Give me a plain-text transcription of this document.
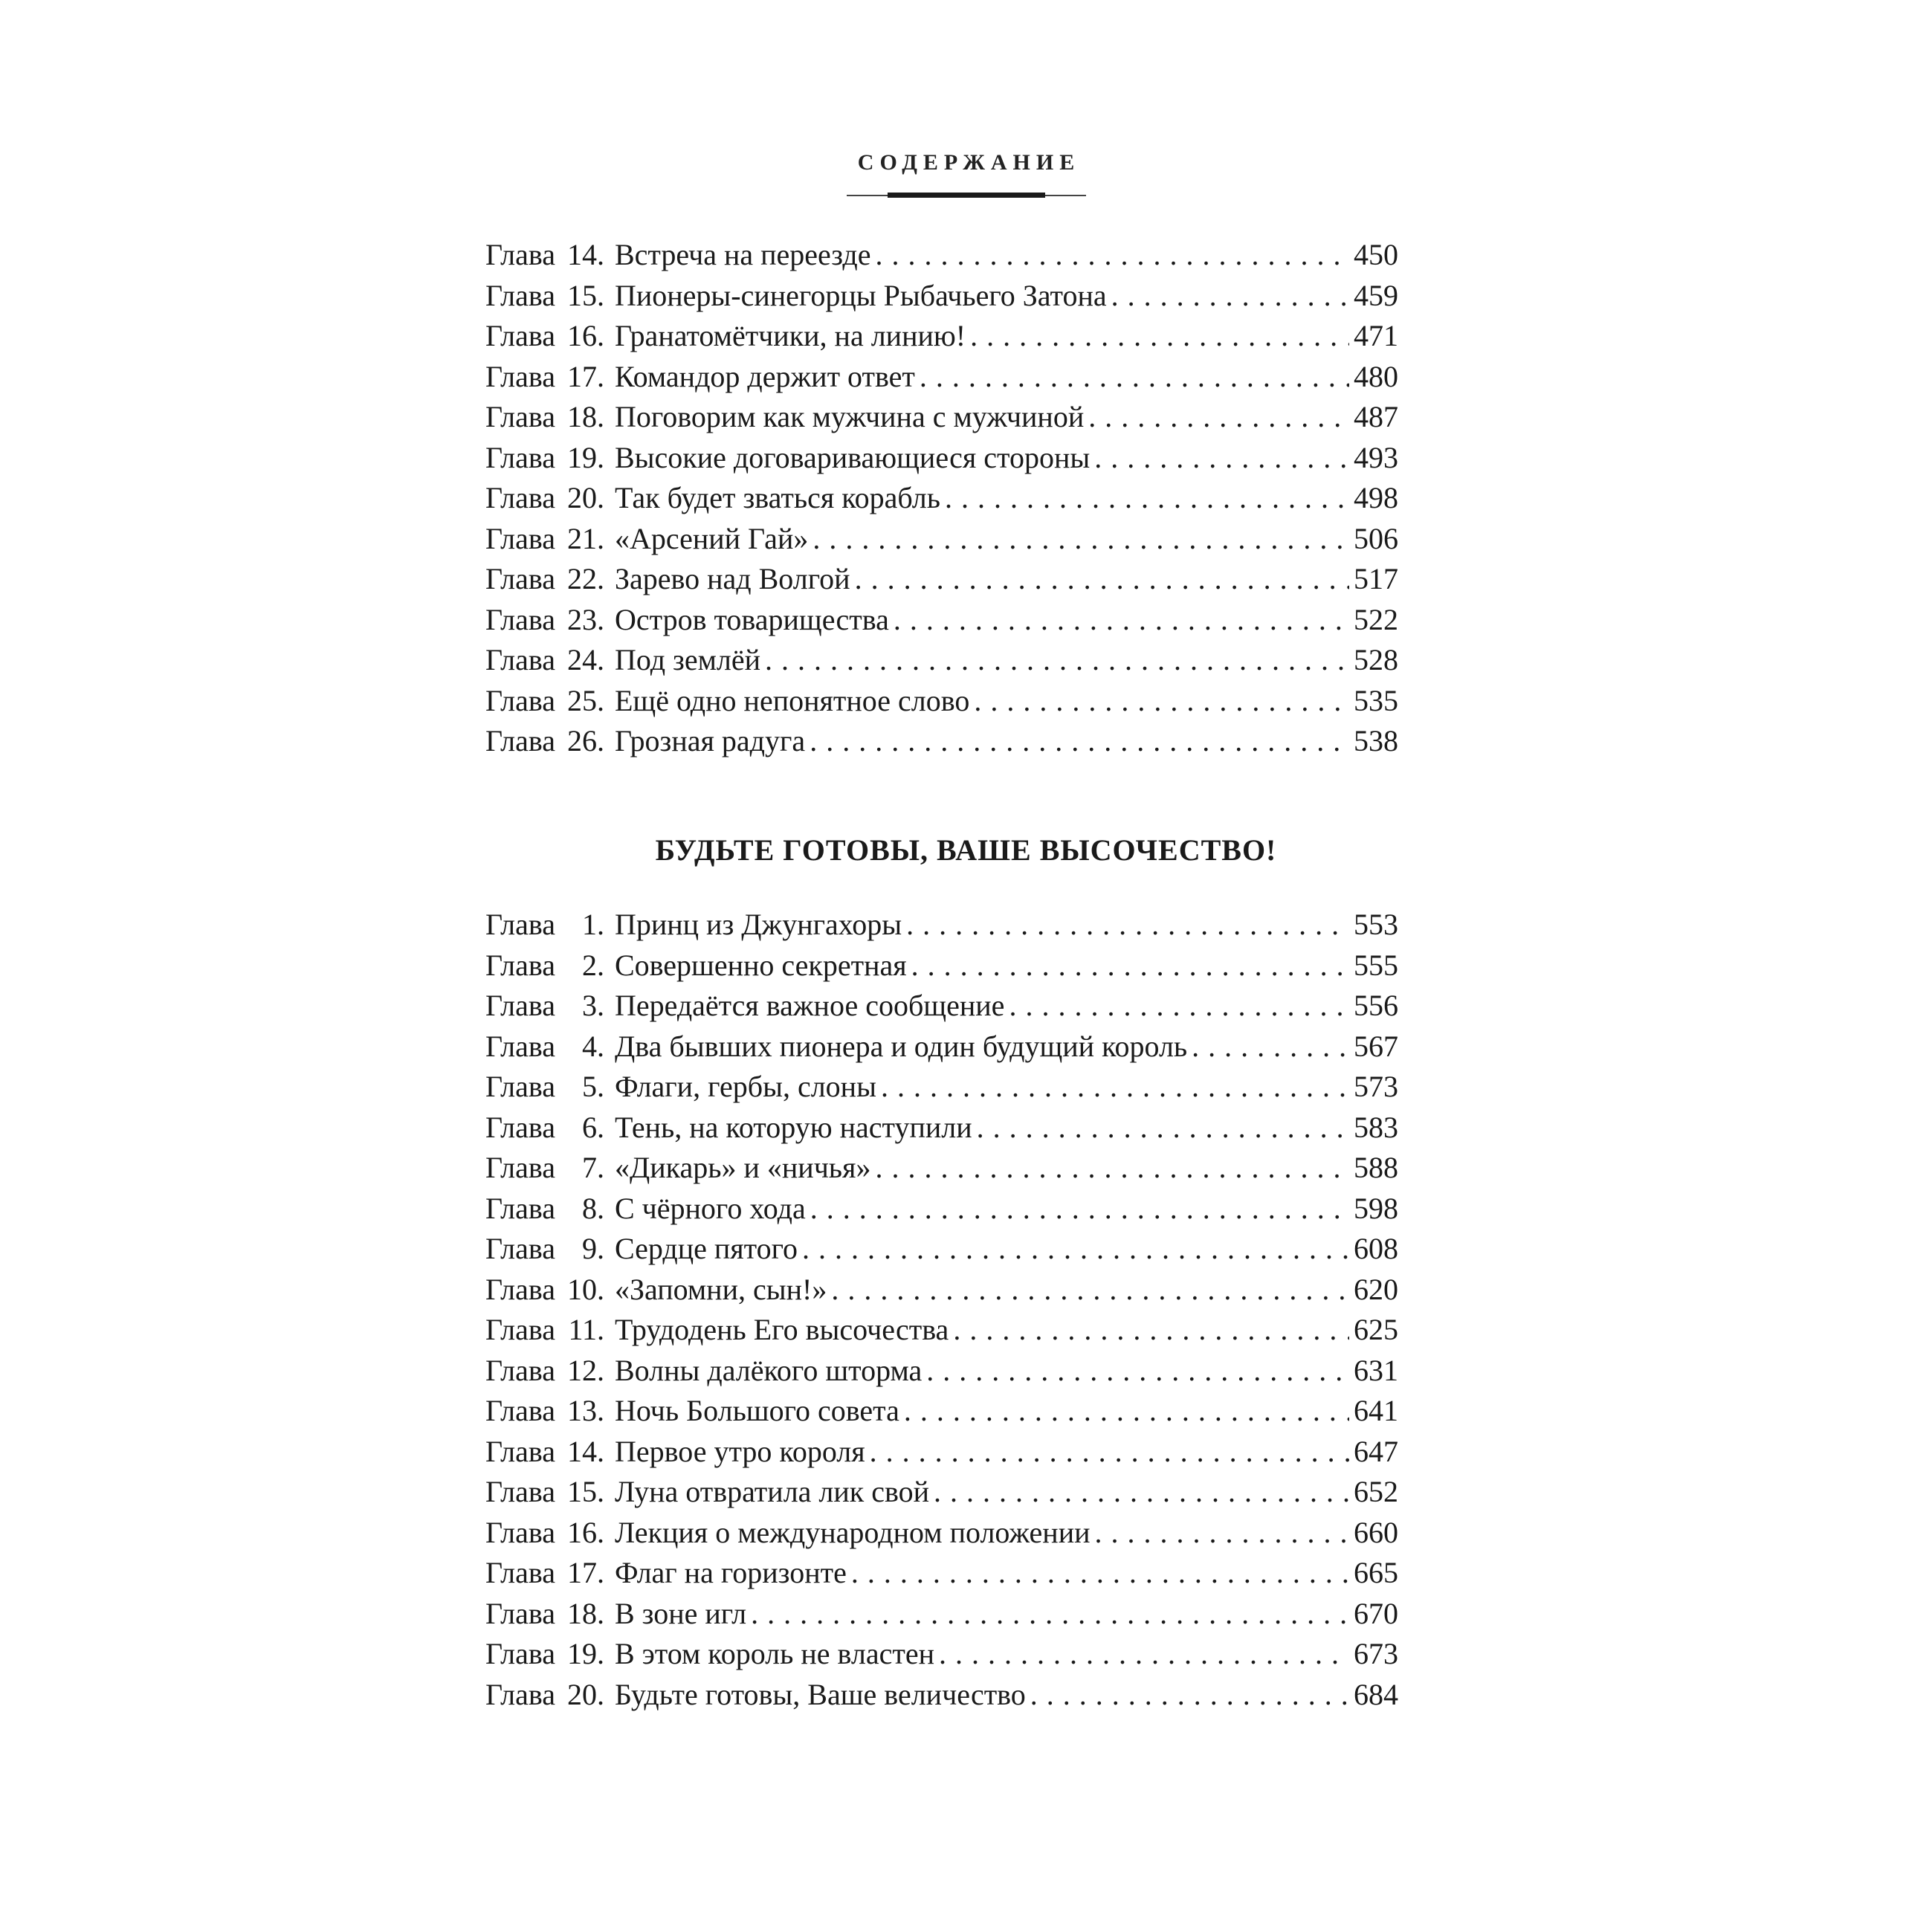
СОДЕРЖАНИЕ
Глава 14. Встреча на переезде . . .	450
Глава 15. Пионеры-синегорцы Рыбачьего Затона . . .	459
Глава 16. Гранатомётчики, на линию! . . .	471
Глава 17. Командор держит ответ . . .	480
Глава 18. Поговорим как мужчина с мужчиной . . .	487
Глава 19. Высокие договаривающиеся стороны . . .	493
Глава 20. Так будет зваться корабль . . .	498
Глава 21. «Арсений Гай» . . .	506
Глава 22. Зарево над Волгой . . .	517
Глава 23. Остров товарищества . . .	522
Глава 24. Под землёй . . .	528
Глава 25. Ещё одно непонятное слово . . .	535
Глава 26. Грозная радуга . . .	538
БУДЬТЕ ГОТОВЫ, ВАШЕ ВЫСОЧЕСТВО!
Глава 1. Принц из Джунгахоры . . .	553
Глава 2. Совершенно секретная . . .	555
Глава 3. Передаётся важное сообщение . . .	556
Глава 4. Два бывших пионера и один будущий король . . .	567
Глава 5. Флаги, гербы, слоны . . .	573
Глава 6. Тень, на которую наступили . . .	583
Глава 7. «Дикарь» и «ничья» . . .	588
Глава 8. С чёрного хода . . .	598
Глава 9. Сердце пятого . . .	608
Глава 10. «Запомни, сын!» . . .	620
Глава 11. Трудодень Его высочества . . .	625
Глава 12. Волны далёкого шторма . . .	631
Глава 13. Ночь Большого совета . . .	641
Глава 14. Первое утро короля . . .	647
Глава 15. Луна отвратила лик свой . . .	652
Глава 16. Лекция о международном положении . . .	660
Глава 17. Флаг на горизонте . . .	665
Глава 18. В зоне игл . . .	670
Глава 19. В этом король не властен . . .	673
Глава 20. Будьте готовы, Ваше величество . . .	684
